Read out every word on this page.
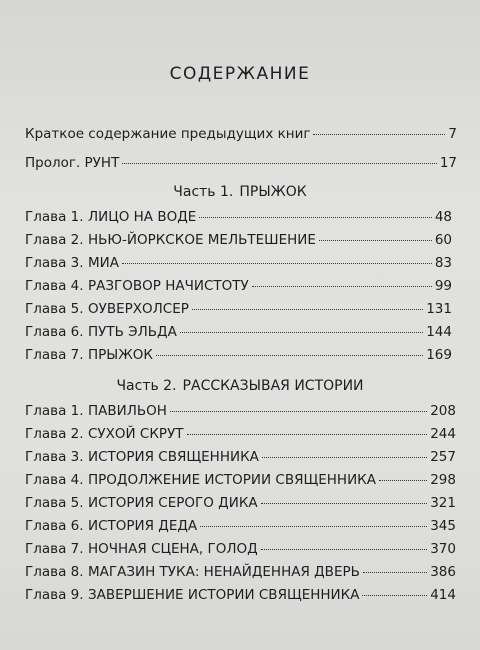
СОДЕРЖАНИЕ
Краткое содержание предыдущих книг	7
Пролог. РУНТ	17
Часть 1. ПРЫЖОК
Глава 1. ЛИЦО НА ВОДЕ	48
Глава 2. НЬЮ-ЙОРКСКОЕ МЕЛЬТЕШЕНИЕ	60
Глава 3. МИА	83
Глава 4. РАЗГОВОР НАЧИСТОТУ	99
Глава 5. ОУВЕРХОЛСЕР	131
Глава 6. ПУТЬ ЭЛЬДА	144
Глава 7. ПРЫЖОК	169
Часть 2. РАССКАЗЫВАЯ ИСТОРИИ
Глава 1. ПАВИЛЬОН	208
Глава 2. СУХОЙ СКРУТ	244
Глава 3. ИСТОРИЯ СВЯЩЕННИКА	257
Глава 4. ПРОДОЛЖЕНИЕ ИСТОРИИ СВЯЩЕННИКА	298
Глава 5. ИСТОРИЯ СЕРОГО ДИКА	321
Глава 6. ИСТОРИЯ ДЕДА	345
Глава 7. НОЧНАЯ СЦЕНА, ГОЛОД	370
Глава 8. МАГАЗИН ТУКА: НЕНАЙДЕННАЯ ДВЕРЬ	386
Глава 9. ЗАВЕРШЕНИЕ ИСТОРИИ СВЯЩЕННИКА	414
